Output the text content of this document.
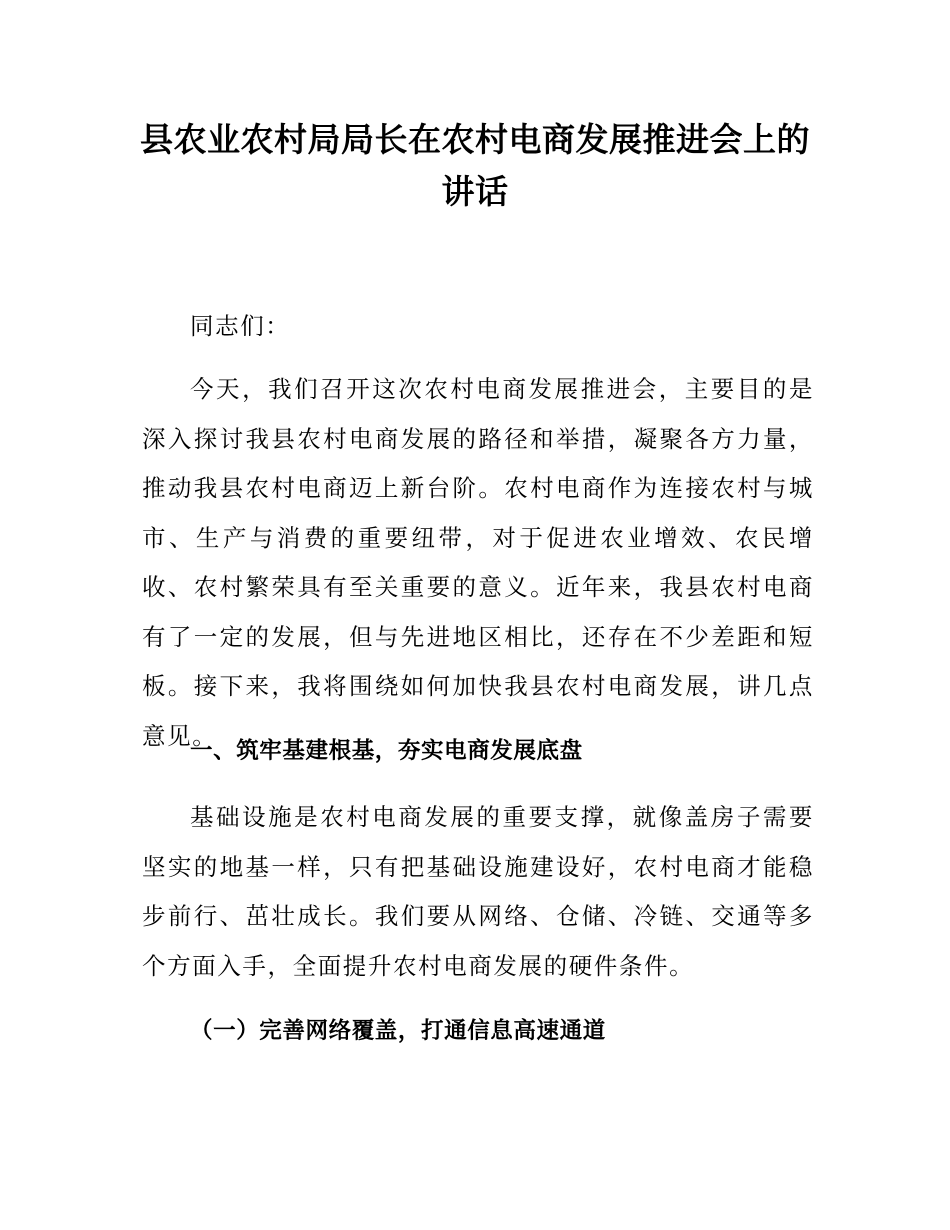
县农业农村局局长在农村电商发展推进会上的讲话

同志们：

今天，我们召开这次农村电商发展推进会，主要目的是深入探讨我县农村电商发展的路径和举措，凝聚各方力量，推动我县农村电商迈上新台阶。农村电商作为连接农村与城市、生产与消费的重要纽带，对于促进农业增效、农民增收、农村繁荣具有至关重要的意义。近年来，我县农村电商有了一定的发展，但与先进地区相比，还存在不少差距和短板。接下来，我将围绕如何加快我县农村电商发展，讲几点意见。

一、筑牢基建根基，夯实电商发展底盘

基础设施是农村电商发展的重要支撑，就像盖房子需要坚实的地基一样，只有把基础设施建设好，农村电商才能稳步前行、茁壮成长。我们要从网络、仓储、冷链、交通等多个方面入手，全面提升农村电商发展的硬件条件。

（一）完善网络覆盖，打通信息高速通道
